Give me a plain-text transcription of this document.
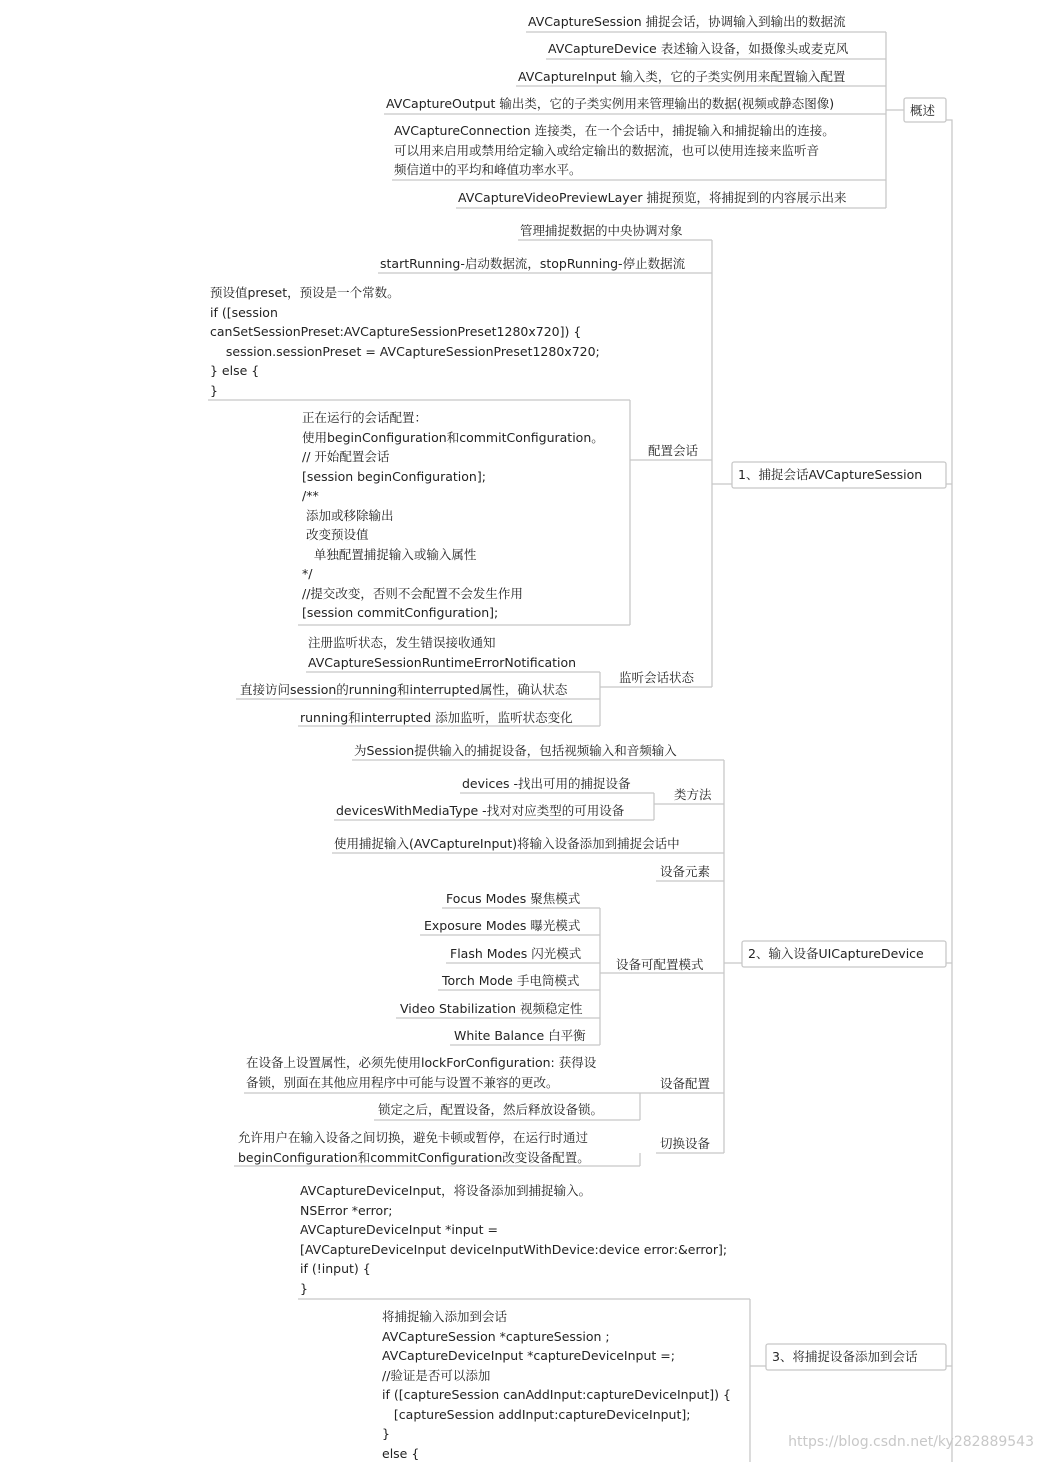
概述
1、捕捉会话AVCaptureSession
2、输入设备UICaptureDevice
3、将捕捉设备添加到会话
AVCaptureSession 捕捉会话，协调输入到输出的数据流
AVCaptureDevice 表述输入设备，如摄像头或麦克风
AVCaptureInput 输入类，它的子类实例用来配置输入配置
AVCaptureOutput 输出类，它的子类实例用来管理输出的数据(视频或静态图像)
AVCaptureConnection 连接类，在一个会话中，捕捉输入和捕捉输出的连接。
可以用来启用或禁用给定输入或给定输出的数据流，也可以使用连接来监听音
频信道中的平均和峰值功率水平。
AVCaptureVideoPreviewLayer 捕捉预览，将捕捉到的内容展示出来
管理捕捉数据的中央协调对象
startRunning-启动数据流，stopRunning-停止数据流
预设值preset，预设是一个常数。
if ([session
canSetSessionPreset:AVCaptureSessionPreset1280x720]) {
session.sessionPreset = AVCaptureSessionPreset1280x720;
} else {
}
配置会话
正在运行的会话配置：
使用beginConfiguration和commitConfiguration。
// 开始配置会话
[session beginConfiguration];
/**
添加或移除输出
改变预设值
单独配置捕捉输入或输入属性
*/
//提交改变，否则不会配置不会发生作用
[session commitConfiguration];
监听会话状态
注册监听状态，发生错误接收通知
AVCaptureSessionRuntimeErrorNotification
直接访问session的running和interrupted属性，确认状态
running和interrupted 添加监听，监听状态变化
为Session提供输入的捕捉设备，包括视频输入和音频输入
类方法
devices -找出可用的捕捉设备
devicesWithMediaType -找对对应类型的可用设备
使用捕捉输入(AVCaptureInput)将输入设备添加到捕捉会话中
设备元素
设备可配置模式
Focus Modes 聚焦模式
Exposure Modes 曝光模式
Flash Modes 闪光模式
Torch Mode 手电筒模式
Video Stabilization 视频稳定性
White Balance 白平衡
设备配置
在设备上设置属性，必须先使用lockForConfiguration: 获得设
备锁，别面在其他应用程序中可能与设置不兼容的更改。
锁定之后，配置设备，然后释放设备锁。
切换设备
允许用户在输入设备之间切换，避免卡顿或暂停，在运行时通过
beginConfiguration和commitConfiguration改变设备配置。
AVCaptureDeviceInput，将设备添加到捕捉输入。
NSError *error;
AVCaptureDeviceInput *input =
[AVCaptureDeviceInput deviceInputWithDevice:device error:&error];
if (!input) {
}
将捕捉输入添加到会话
AVCaptureSession *captureSession ;
AVCaptureDeviceInput *captureDeviceInput =;
//验证是否可以添加
if ([captureSession canAddInput:captureDeviceInput]) {
[captureSession addInput:captureDeviceInput];
}
else {
https://blog.csdn.net/ky282889543
